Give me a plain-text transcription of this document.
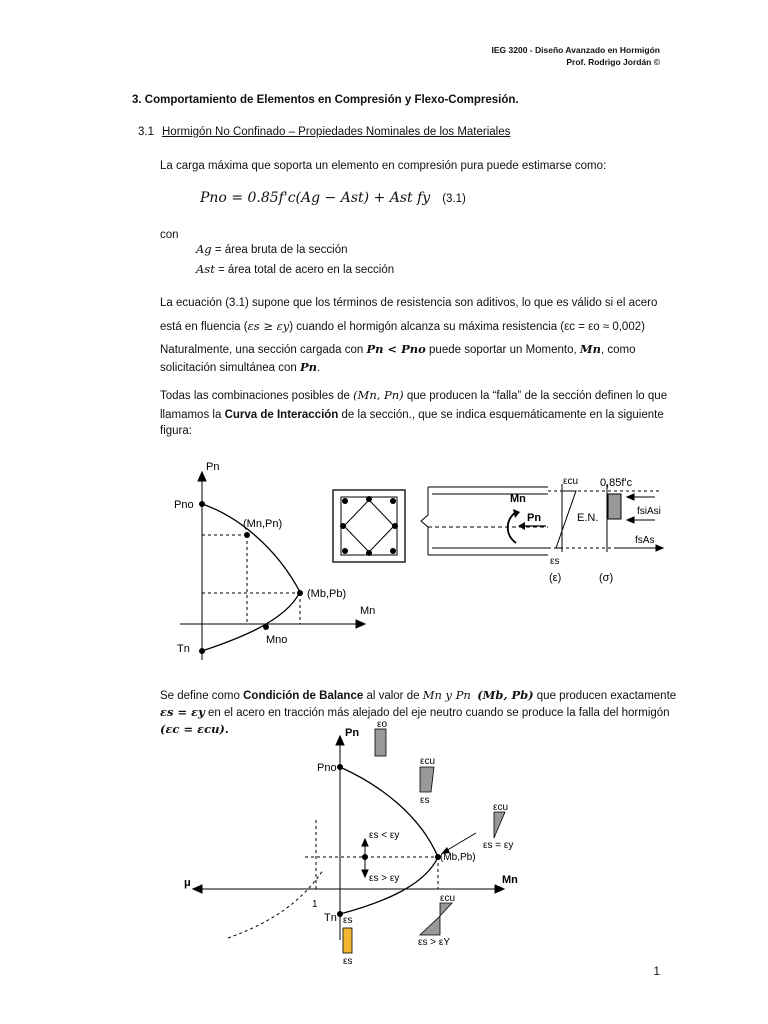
IEG 3200 - Diseño Avanzado en Hormigón
Prof. Rodrigo Jordán ©
3. Comportamiento de Elementos en Compresión y Flexo-Compresión.
3.1 Hormigón No Confinado – Propiedades Nominales de los Materiales
La carga máxima que soporta un elemento en compresión pura puede estimarse como:
Pno = 0.85f'c(Ag − Ast) + Ast fy (3.1)
con
Ag = área bruta de la sección
Ast = área total de acero en la sección
La ecuación (3.1) supone que los términos de resistencia son aditivos, lo que es válido si el acero
está en fluencia (εs ≥ εy) cuando el hormigón alcanza su máxima resistencia (εc = εo ≈ 0,002)
Naturalmente, una sección cargada con Pn < Pno puede soportar un Momento, Mn, como
solicitación simultánea con Pn.
Todas las combinaciones posibles de (Mn, Pn) que producen la “falla” de la sección definen lo que
llamamos la Curva de Interacción de la sección., que se indica esquemáticamente en la siguiente
figura:
Pn
Pno
(Mn,Pn)
(Mb,Pb)
Mn
Tn
Mno
Mn
Pn
εcu
εs
E.N.
0,85f'c
fsiAsi
fsAs
(ε)	(σ)
Se define como Condición de Balance al valor de Mn y Pn (Mb, Pb) que producen exactamente
εs = εy en el acero en tracción más alejado del eje neutro cuando se produce la falla del hormigón
(εc = εcu).	Pn
εo
Pno
εcu
εs
εcu
εs = εy
εs < εy
(Mb,Pb)
εs > εy
μ	Mn
1
Tn εs
εcu
εs > εY
εs
1
